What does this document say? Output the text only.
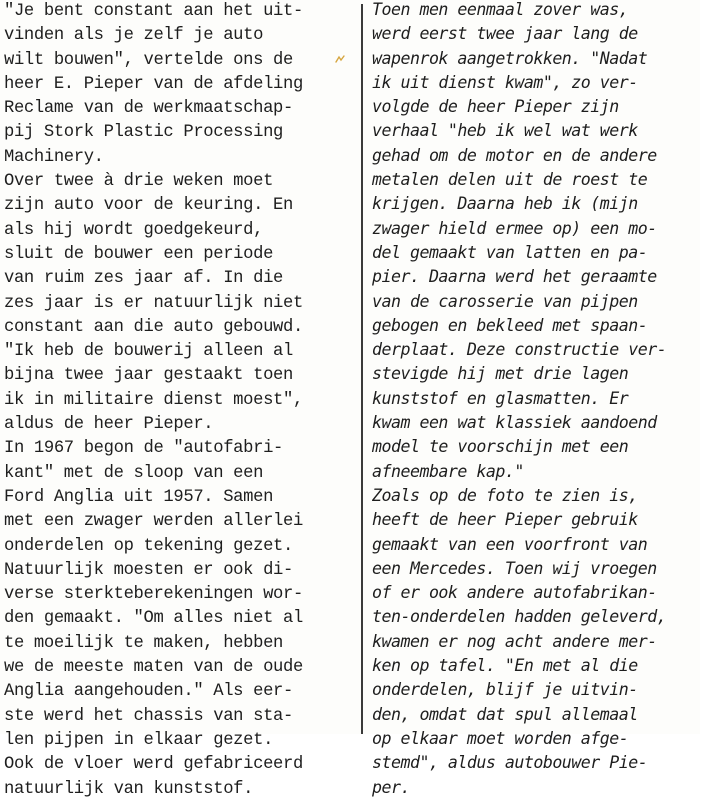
"Je bent constant aan het uit-
vinden als je zelf je auto
wilt bouwen", vertelde ons de
heer E. Pieper van de afdeling
Reclame van de werkmaatschap-
pij Stork Plastic Processing
Machinery.
Over twee à drie weken moet
zijn auto voor de keuring. En
als hij wordt goedgekeurd,
sluit de bouwer een periode
van ruim zes jaar af. In die
zes jaar is er natuurlijk niet
constant aan die auto gebouwd.
"Ik heb de bouwerij alleen al
bijna twee jaar gestaakt toen
ik in militaire dienst moest",
aldus de heer Pieper.
In 1967 begon de "autofabri-
kant" met de sloop van een
Ford Anglia uit 1957. Samen
met een zwager werden allerlei
onderdelen op tekening gezet.
Natuurlijk moesten er ook di-
verse sterkteberekeningen wor-
den gemaakt. "Om alles niet al
te moeilijk te maken, hebben
we de meeste maten van de oude
Anglia aangehouden." Als eer-
ste werd het chassis van sta-
len pijpen in elkaar gezet.
Ook de vloer werd gefabriceerd
natuurlijk van kunststof.
Toen men eenmaal zover was,
werd eerst twee jaar lang de
wapenrok aangetrokken. "Nadat
ik uit dienst kwam", zo ver-
volgde de heer Pieper zijn
verhaal "heb ik wel wat werk
gehad om de motor en de andere
metalen delen uit de roest te
krijgen. Daarna heb ik (mijn
zwager hield ermee op) een mo-
del gemaakt van latten en pa-
pier. Daarna werd het geraamte
van de carosserie van pijpen
gebogen en bekleed met spaan-
derplaat. Deze constructie ver-
stevigde hij met drie lagen
kunststof en glasmatten. Er
kwam een wat klassiek aandoend
model te voorschijn met een
afneembare kap."
Zoals op de foto te zien is,
heeft de heer Pieper gebruik
gemaakt van een voorfront van
een Mercedes. Toen wij vroegen
of er ook andere autofabrikan-
ten-onderdelen hadden geleverd,
kwamen er nog acht andere mer-
ken op tafel. "En met al die
onderdelen, blijf je uitvin-
den, omdat dat spul allemaal
op elkaar moet worden afge-
stemd", aldus autobouwer Pie-
per.
